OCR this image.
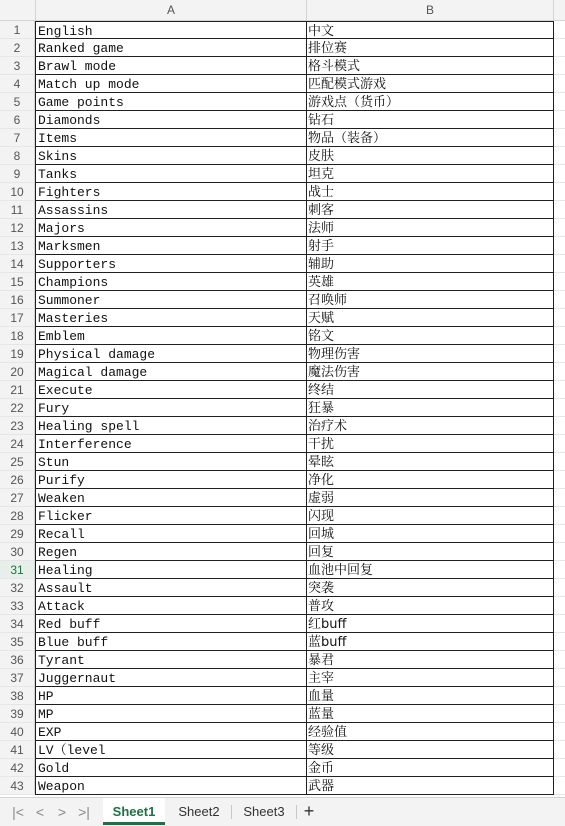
A	B
1	English	中文
2	Ranked game	排位赛
3	Brawl mode	格斗模式
4	Match up mode	匹配模式游戏
5	Game points	游戏点（货币）
6	Diamonds	钻石
7	Items	物品（装备）
8	Skins	皮肤
9	Tanks	坦克
10	Fighters	战士
11	Assassins	刺客
12	Majors	法师
13	Marksmen	射手
14	Supporters	辅助
15	Champions	英雄
16	Summoner	召唤师
17	Masteries	天赋
18	Emblem	铭文
19	Physical damage	物理伤害
20	Magical damage	魔法伤害
21	Execute	终结
22	Fury	狂暴
23	Healing spell	治疗术
24	Interference	干扰
25	Stun	晕眩
26	Purify	净化
27	Weaken	虚弱
28	Flicker	闪现
29	Recall	回城
30	Regen	回复
31	Healing	血池中回复
32	Assault	突袭
33	Attack	普攻
34	Red buff	红buff
35	Blue buff	蓝buff
36	Tyrant	暴君
37	Juggernaut	主宰
38	HP	血量
39	MP	蓝量
40	EXP	经验值
41	LV（level	等级
42	Gold	金币
43	Weapon	武器
|< < > >|	Sheet1	Sheet2	Sheet3	+
